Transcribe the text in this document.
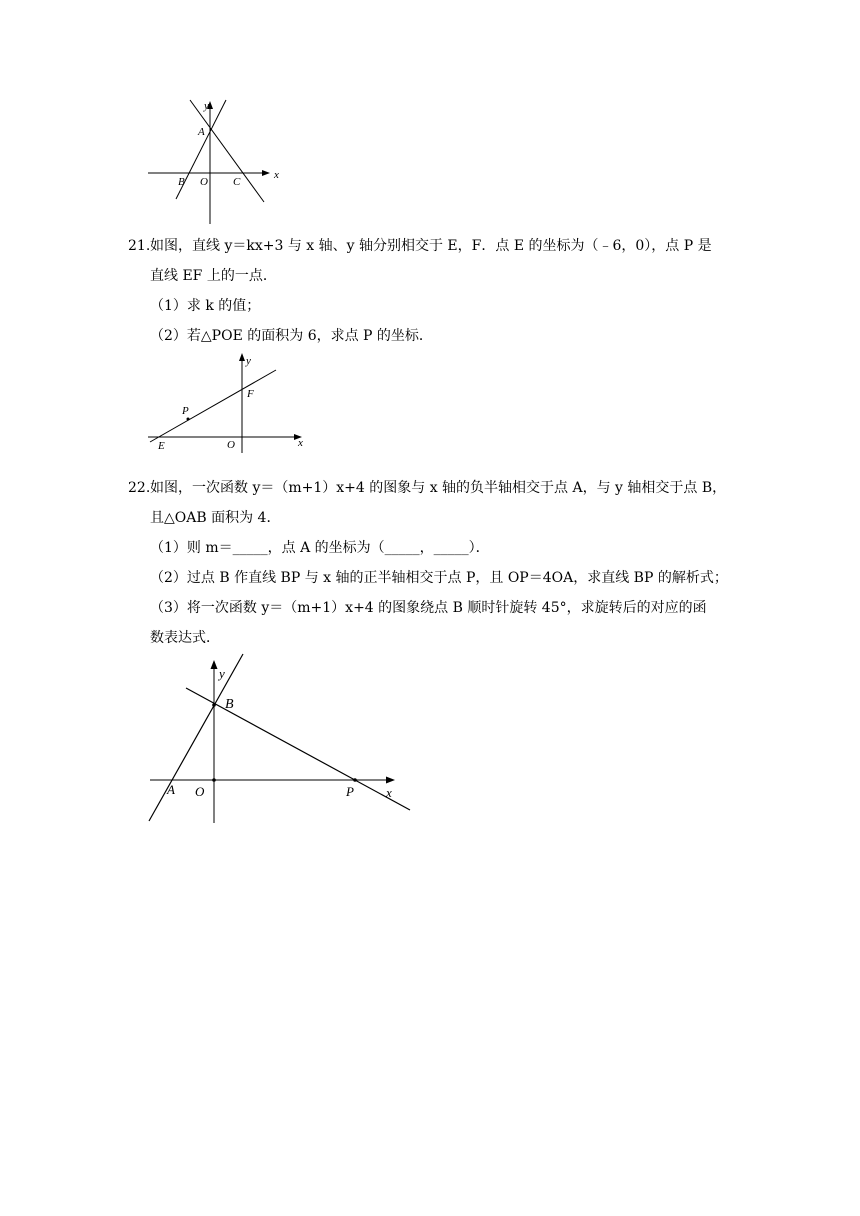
y
x
A
B O C
21. 如图，直线 y＝kx+3 与 x 轴、y 轴分别相交于 E，F．点 E 的坐标为（﹣6，0），点 P 是
直线 EF 上的一点．
（1）求 k 的值；
（2）若△POE 的面积为 6，求点 P 的坐标．
y
x
F
P
E	O
22. 如图，一次函数 y＝（m+1）x+4 的图象与 x 轴的负半轴相交于点 A，与 y 轴相交于点 B，
且△OAB 面积为 4．
（1）则 m＝_____，点 A 的坐标为（_____，_____）．
（2）过点 B 作直线 BP 与 x 轴的正半轴相交于点 P，且 OP＝4OA，求直线 BP 的解析式；
（3）将一次函数 y＝（m+1）x+4 的图象绕点 B 顺时针旋转 45°，求旋转后的对应的函
数表达式．
y
x
B
A O	P
